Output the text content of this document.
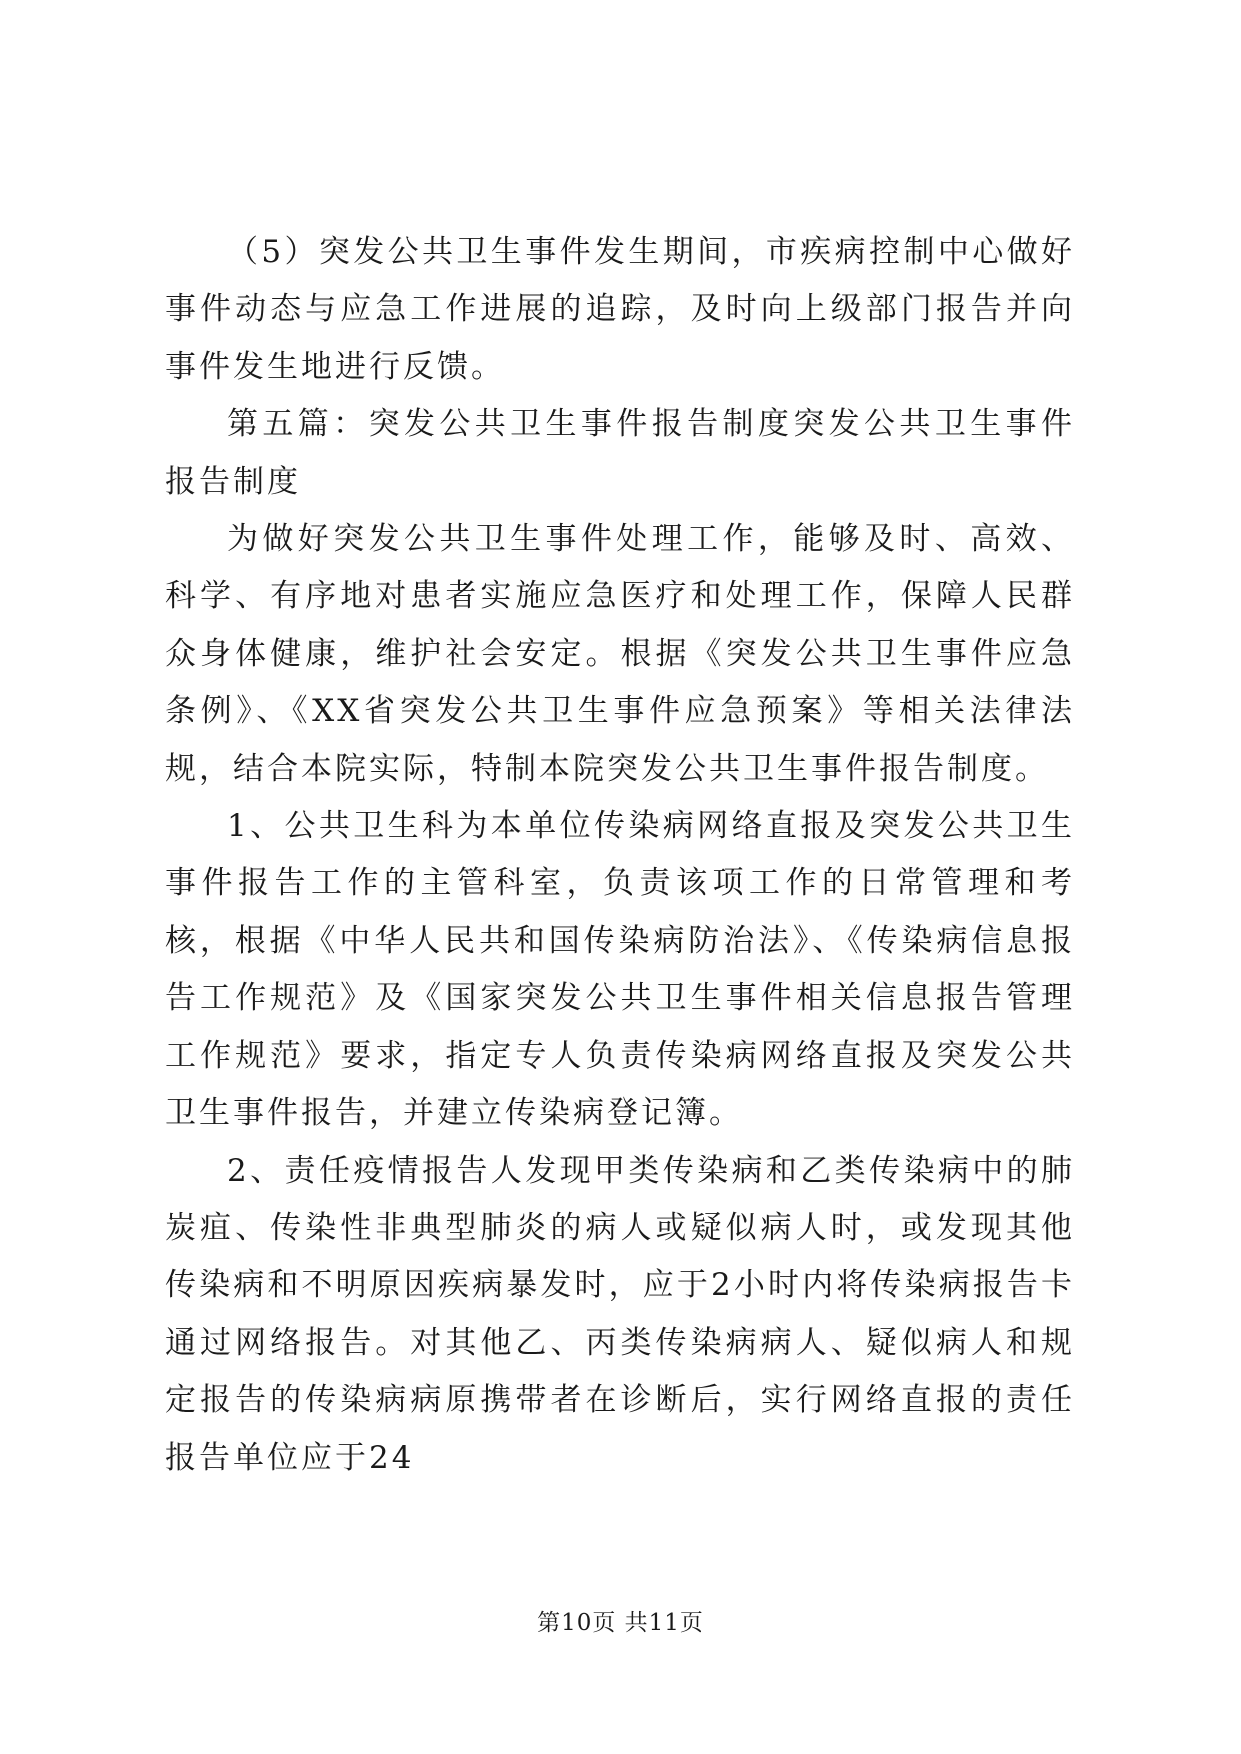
（5）突发公共卫生事件发生期间，市疾病控制中心做好事件动态与应急工作进展的追踪，及时向上级部门报告并向事件发生地进行反馈。

第五篇：突发公共卫生事件报告制度突发公共卫生事件报告制度

为做好突发公共卫生事件处理工作，能够及时、高效、科学、有序地对患者实施应急医疗和处理工作，保障人民群众身体健康，维护社会安定。根据《突发公共卫生事件应急条例》、《XX省突发公共卫生事件应急预案》等相关法律法规，结合本院实际，特制本院突发公共卫生事件报告制度。

1、公共卫生科为本单位传染病网络直报及突发公共卫生事件报告工作的主管科室，负责该项工作的日常管理和考核，根据《中华人民共和国传染病防治法》、《传染病信息报告工作规范》及《国家突发公共卫生事件相关信息报告管理工作规范》要求，指定专人负责传染病网络直报及突发公共卫生事件报告，并建立传染病登记簿。

2、责任疫情报告人发现甲类传染病和乙类传染病中的肺炭疽、传染性非典型肺炎的病人或疑似病人时，或发现其他传染病和不明原因疾病暴发时，应于2小时内将传染病报告卡通过网络报告。对其他乙、丙类传染病病人、疑似病人和规定报告的传染病病原携带者在诊断后，实行网络直报的责任报告单位应于24

第10页 共11页
